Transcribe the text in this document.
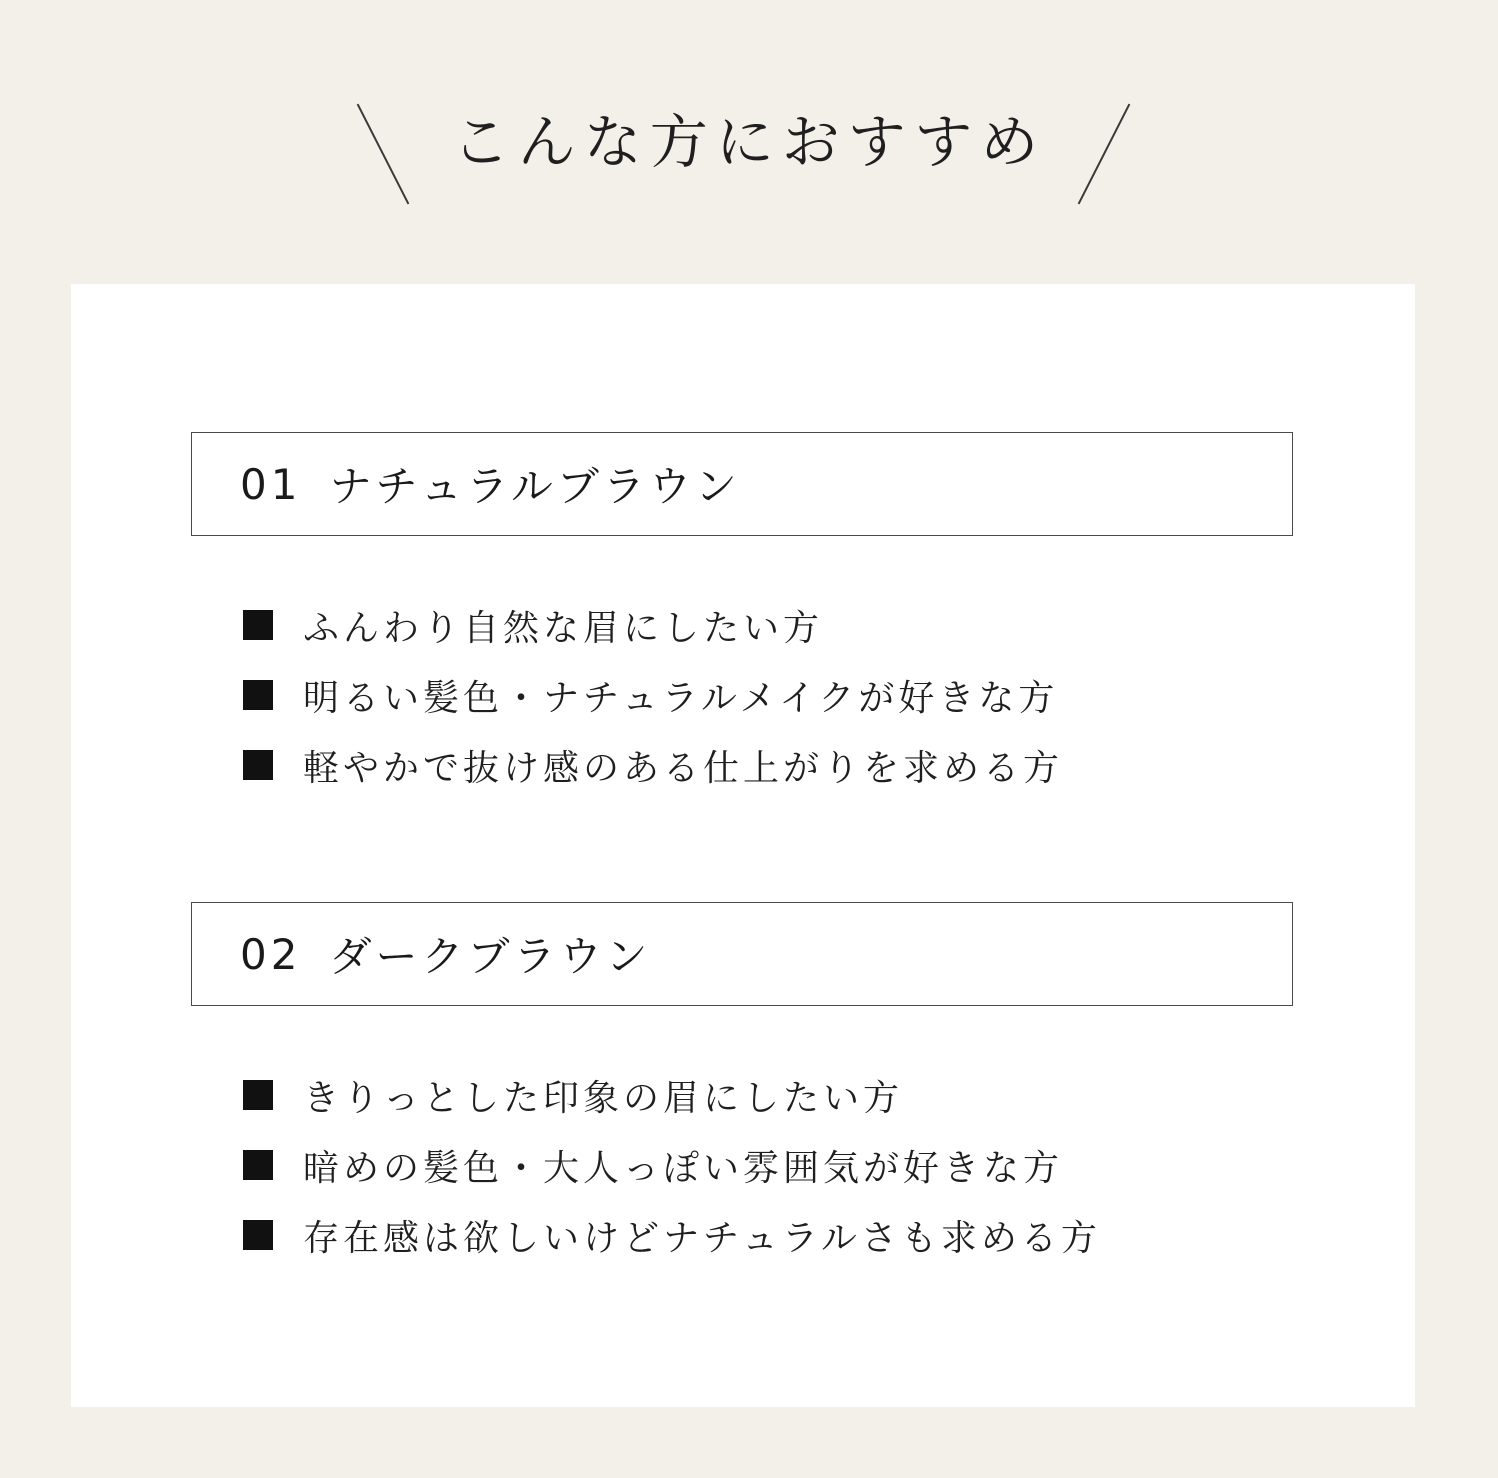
こんな方におすすめ
01 ナチュラルブラウン
ふんわり自然な眉にしたい方
明るい髪色・ナチュラルメイクが好きな方
軽やかで抜け感のある仕上がりを求める方
02 ダークブラウン
きりっとした印象の眉にしたい方
暗めの髪色・大人っぽい雰囲気が好きな方
存在感は欲しいけどナチュラルさも求める方
